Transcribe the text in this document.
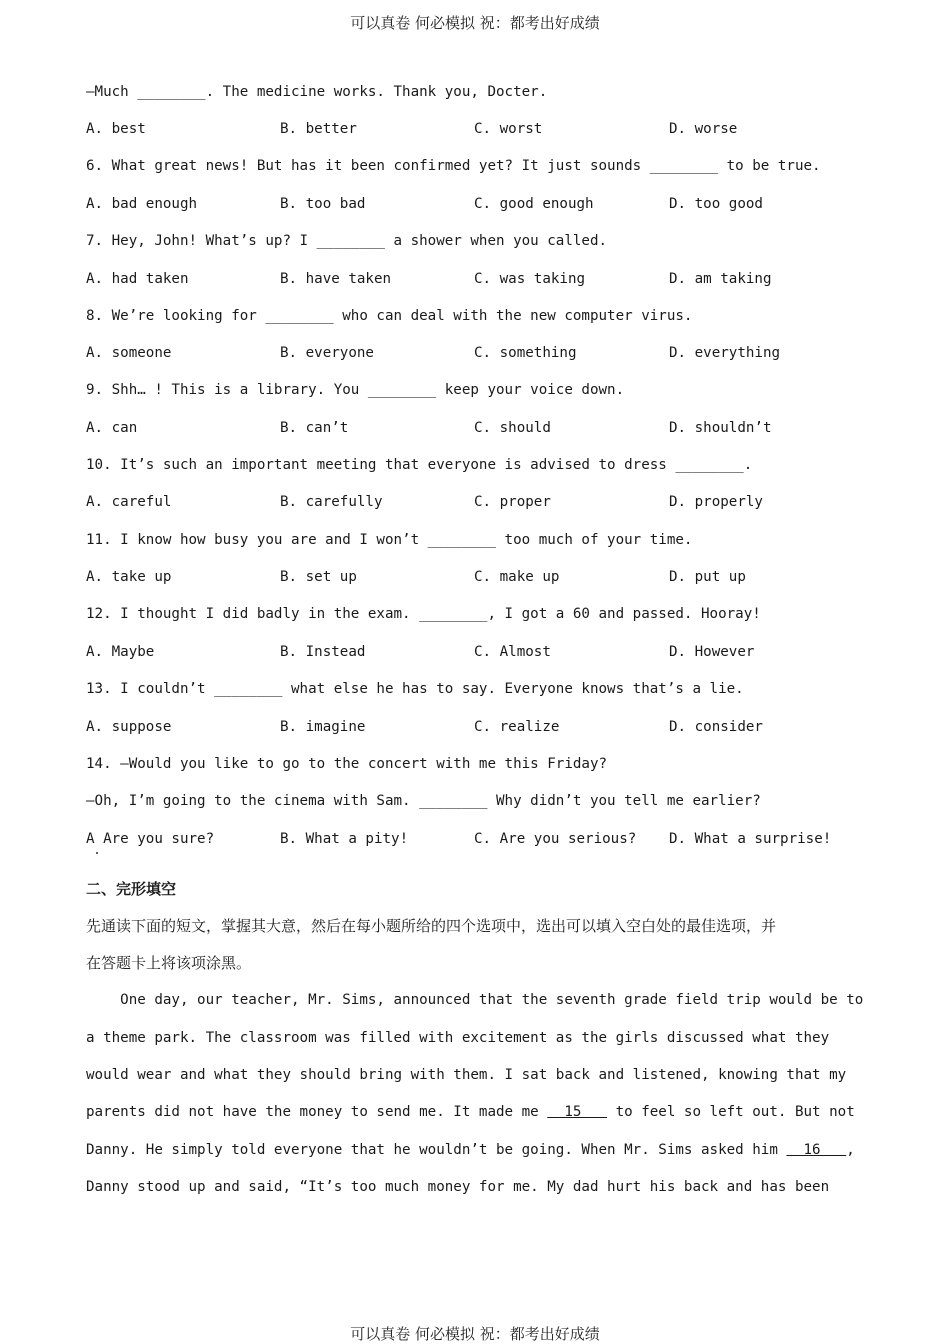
可以真卷 何必模拟 祝：都考出好成绩
—Much ________. The medicine works. Thank you, Docter.
A. best	B. better	C. worst	D. worse
6. What great news! But has it been confirmed yet? It just sounds ________ to be true.
A. bad enough	B. too bad	C. good enough	D. too good
7. Hey, John! What’s up? I ________ a shower when you called.
A. had taken	B. have taken	C. was taking	D. am taking
8. We’re looking for ________ who can deal with the new computer virus.
A. someone	B. everyone	C. something	D. everything
9. Shh… ! This is a library. You ________ keep your voice down.
A. can	B. can’t	C. should	D. shouldn’t
10. It’s such an important meeting that everyone is advised to dress ________.
A. careful	B. carefully	C. proper	D. properly
11. I know how busy you are and I won’t ________ too much of your time.
A. take up	B. set up	C. make up	D. put up
12. I thought I did badly in the exam. ________, I got a 60 and passed. Hooray!
A. Maybe	B. Instead	C. Almost	D. However
13. I couldn’t ________ what else he has to say. Everyone knows that’s a lie.
A. suppose	B. imagine	C. realize	D. consider
14. —Would you like to go to the concert with me this Friday?
—Oh, I’m going to the cinema with Sam. ________ Why didn’t you tell me earlier?
A Are you sure?	B. What a pity!	C. Are you serious? D. What a surprise!
二、完形填空
先通读下面的短文，掌握其大意，然后在每小题所给的四个选项中，选出可以填入空白处的最佳选项，并
在答题卡上将该项涂黑。
One day, our teacher, Mr. Sims, announced that the seventh grade field trip would be to
a theme park. The classroom was filled with excitement as the girls discussed what they
would wear and what they should bring with them. I sat back and listened, knowing that my
parents did not have the money to send me. It made me   15    to feel so left out. But not
Danny. He simply told everyone that he wouldn’t be going. When Mr. Sims asked him   16   ,
Danny stood up and said, “It’s too much money for me. My dad hurt his back and has been
可以真卷 何必模拟 祝：都考出好成绩
